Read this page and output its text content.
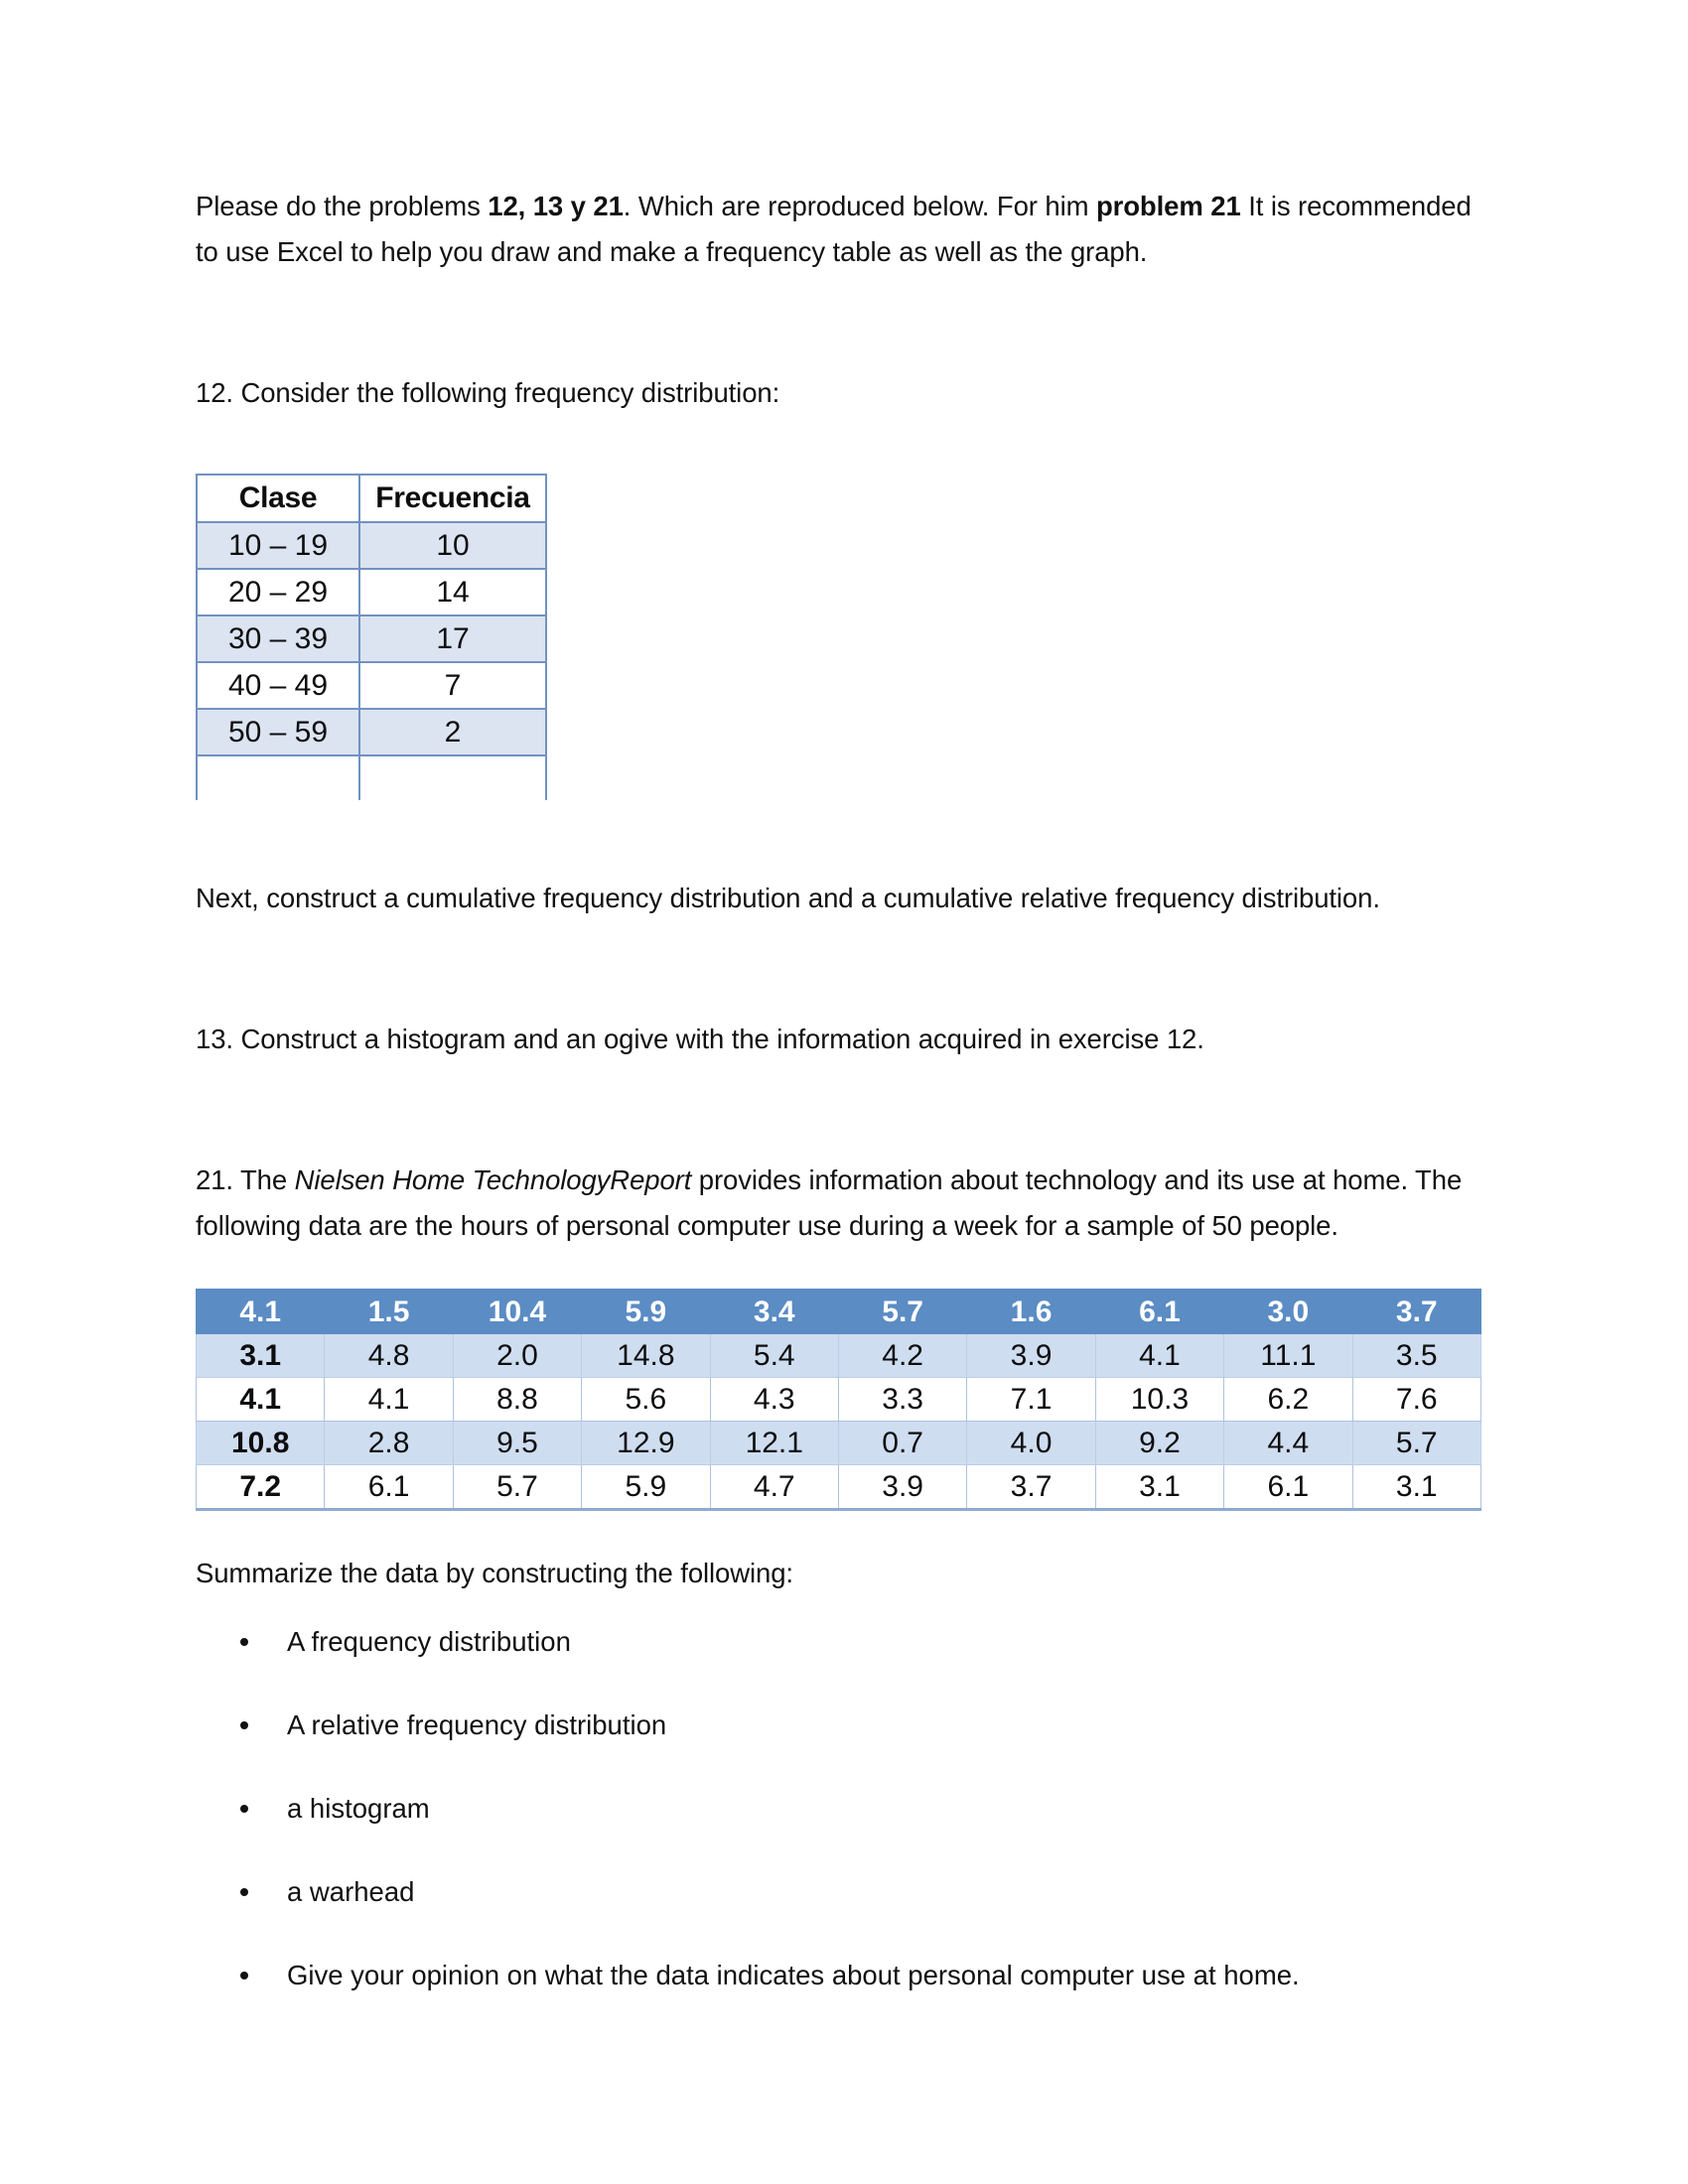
Please do the problems 12, 13 y 21. Which are reproduced below. For him problem 21 It is recommended to use Excel to help you draw and make a frequency table as well as the graph.

12. Consider the following frequency distribution:

Clase	Frecuencia
10 – 19	10
20 – 29	14
30 – 39	17
40 – 49	7
50 – 59	2

Next, construct a cumulative frequency distribution and a cumulative relative frequency distribution.

13. Construct a histogram and an ogive with the information acquired in exercise 12.

21. The Nielsen Home TechnologyReport provides information about technology and its use at home. The following data are the hours of personal computer use during a week for a sample of 50 people.

4.1	1.5	10.4	5.9	3.4	5.7	1.6	6.1	3.0	3.7
3.1	4.8	2.0	14.8	5.4	4.2	3.9	4.1	11.1	3.5
4.1	4.1	8.8	5.6	4.3	3.3	7.1	10.3	6.2	7.6
10.8	2.8	9.5	12.9	12.1	0.7	4.0	9.2	4.4	5.7
7.2	6.1	5.7	5.9	4.7	3.9	3.7	3.1	6.1	3.1

Summarize the data by constructing the following:

A frequency distribution
A relative frequency distribution
a histogram
a warhead
Give your opinion on what the data indicates about personal computer use at home.
